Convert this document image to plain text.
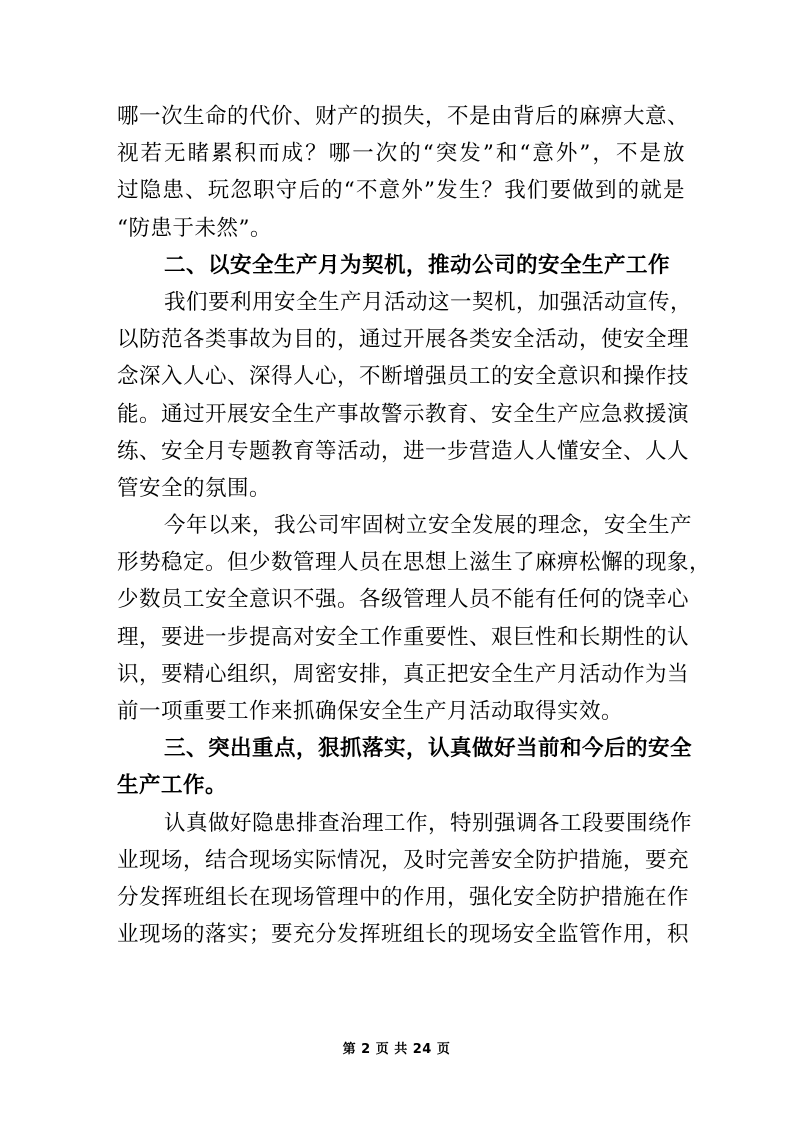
哪一次生命的代价、财产的损失，不是由背后的麻痹大意、
视若无睹累积而成？哪一次的“突发”和“意外”，不是放
过隐患、玩忽职守后的“不意外”发生？我们要做到的就是
“防患于未然”。
二、以安全生产月为契机，推动公司的安全生产工作
我们要利用安全生产月活动这一契机，加强活动宣传，
以防范各类事故为目的，通过开展各类安全活动，使安全理
念深入人心、深得人心，不断增强员工的安全意识和操作技
能。通过开展安全生产事故警示教育、安全生产应急救援演
练、安全月专题教育等活动，进一步营造人人懂安全、人人
管安全的氛围。
今年以来，我公司牢固树立安全发展的理念，安全生产
形势稳定。但少数管理人员在思想上滋生了麻痹松懈的现象，
少数员工安全意识不强。各级管理人员不能有任何的饶幸心
理，要进一步提高对安全工作重要性、艰巨性和长期性的认
识，要精心组织，周密安排，真正把安全生产月活动作为当
前一项重要工作来抓确保安全生产月活动取得实效。
三、突出重点，狠抓落实，认真做好当前和今后的安全
生产工作。
认真做好隐患排查治理工作，特别强调各工段要围绕作
业现场，结合现场实际情况，及时完善安全防护措施，要充
分发挥班组长在现场管理中的作用，强化安全防护措施在作
业现场的落实；要充分发挥班组长的现场安全监管作用，积
第 2 页 共 24 页
